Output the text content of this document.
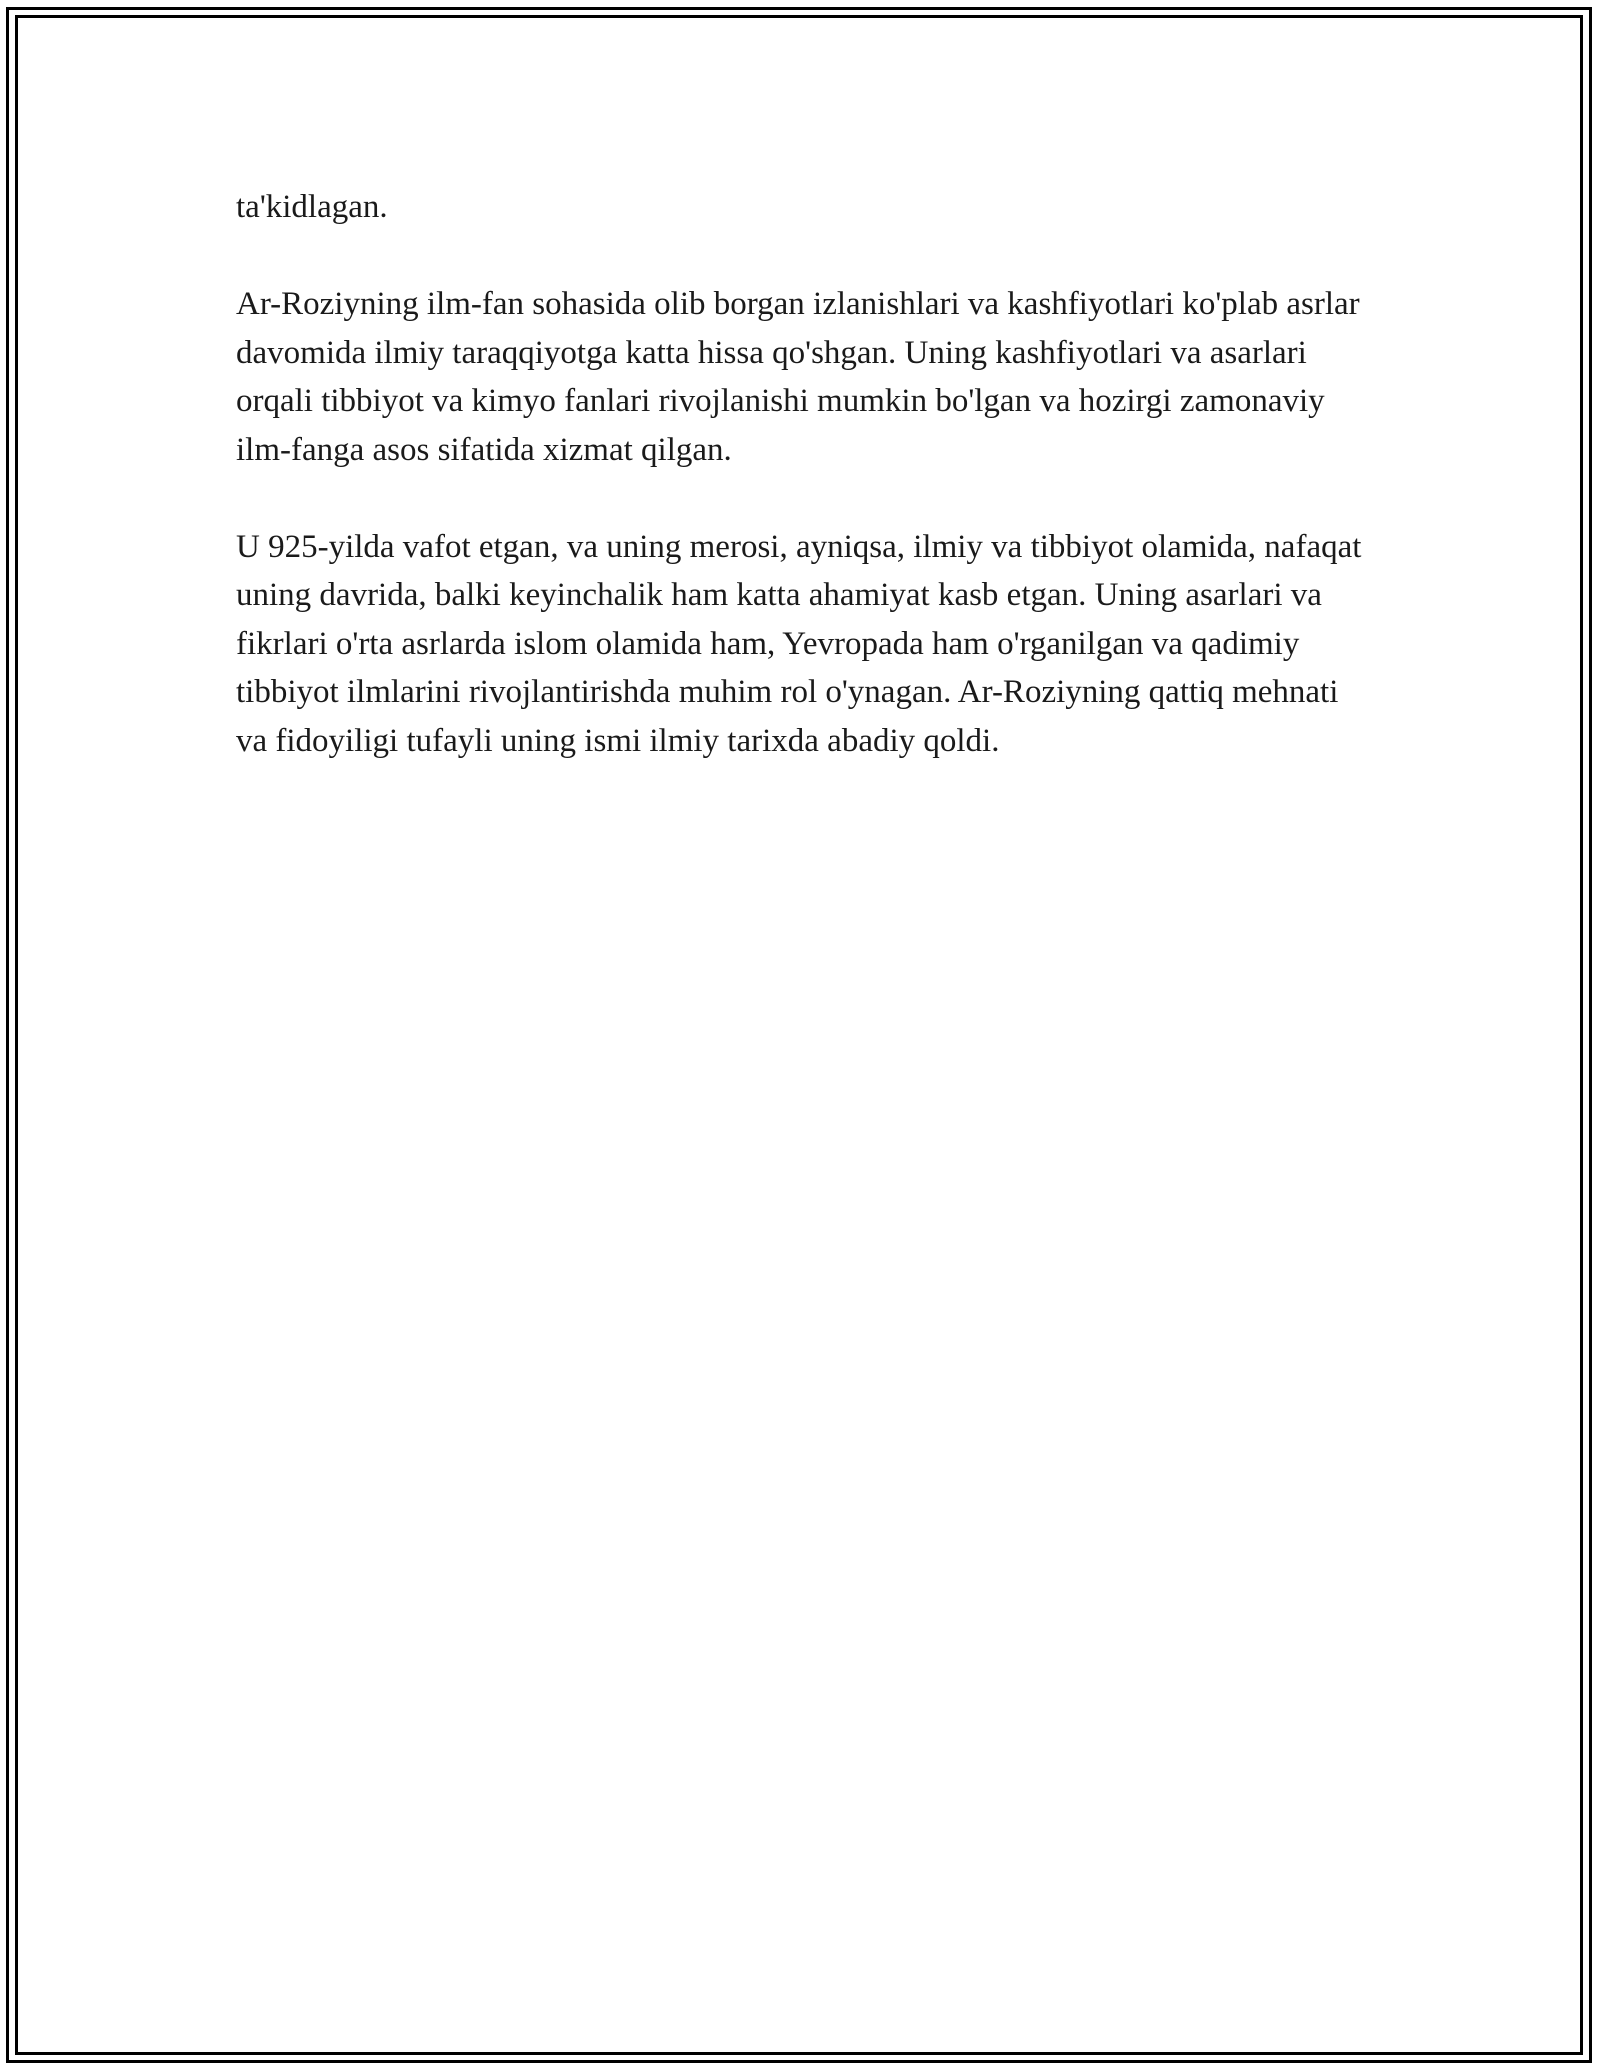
ta'kidlagan.

Ar-Roziyning ilm-fan sohasida olib borgan izlanishlari va kashfiyotlari ko'plab asrlar davomida ilmiy taraqqiyotga katta hissa qo'shgan. Uning kashfiyotlari va asarlari orqali tibbiyot va kimyo fanlari rivojlanishi mumkin bo'lgan va hozirgi zamonaviy ilm-fanga asos sifatida xizmat qilgan.

U 925-yilda vafot etgan, va uning merosi, ayniqsa, ilmiy va tibbiyot olamida, nafaqat uning davrida, balki keyinchalik ham katta ahamiyat kasb etgan. Uning asarlari va fikrlari o'rta asrlarda islom olamida ham, Yevropada ham o'rganilgan va qadimiy tibbiyot ilmlarini rivojlantirishda muhim rol o'ynagan. Ar-Roziyning qattiq mehnati va fidoyiligi tufayli uning ismi ilmiy tarixda abadiy qoldi.
